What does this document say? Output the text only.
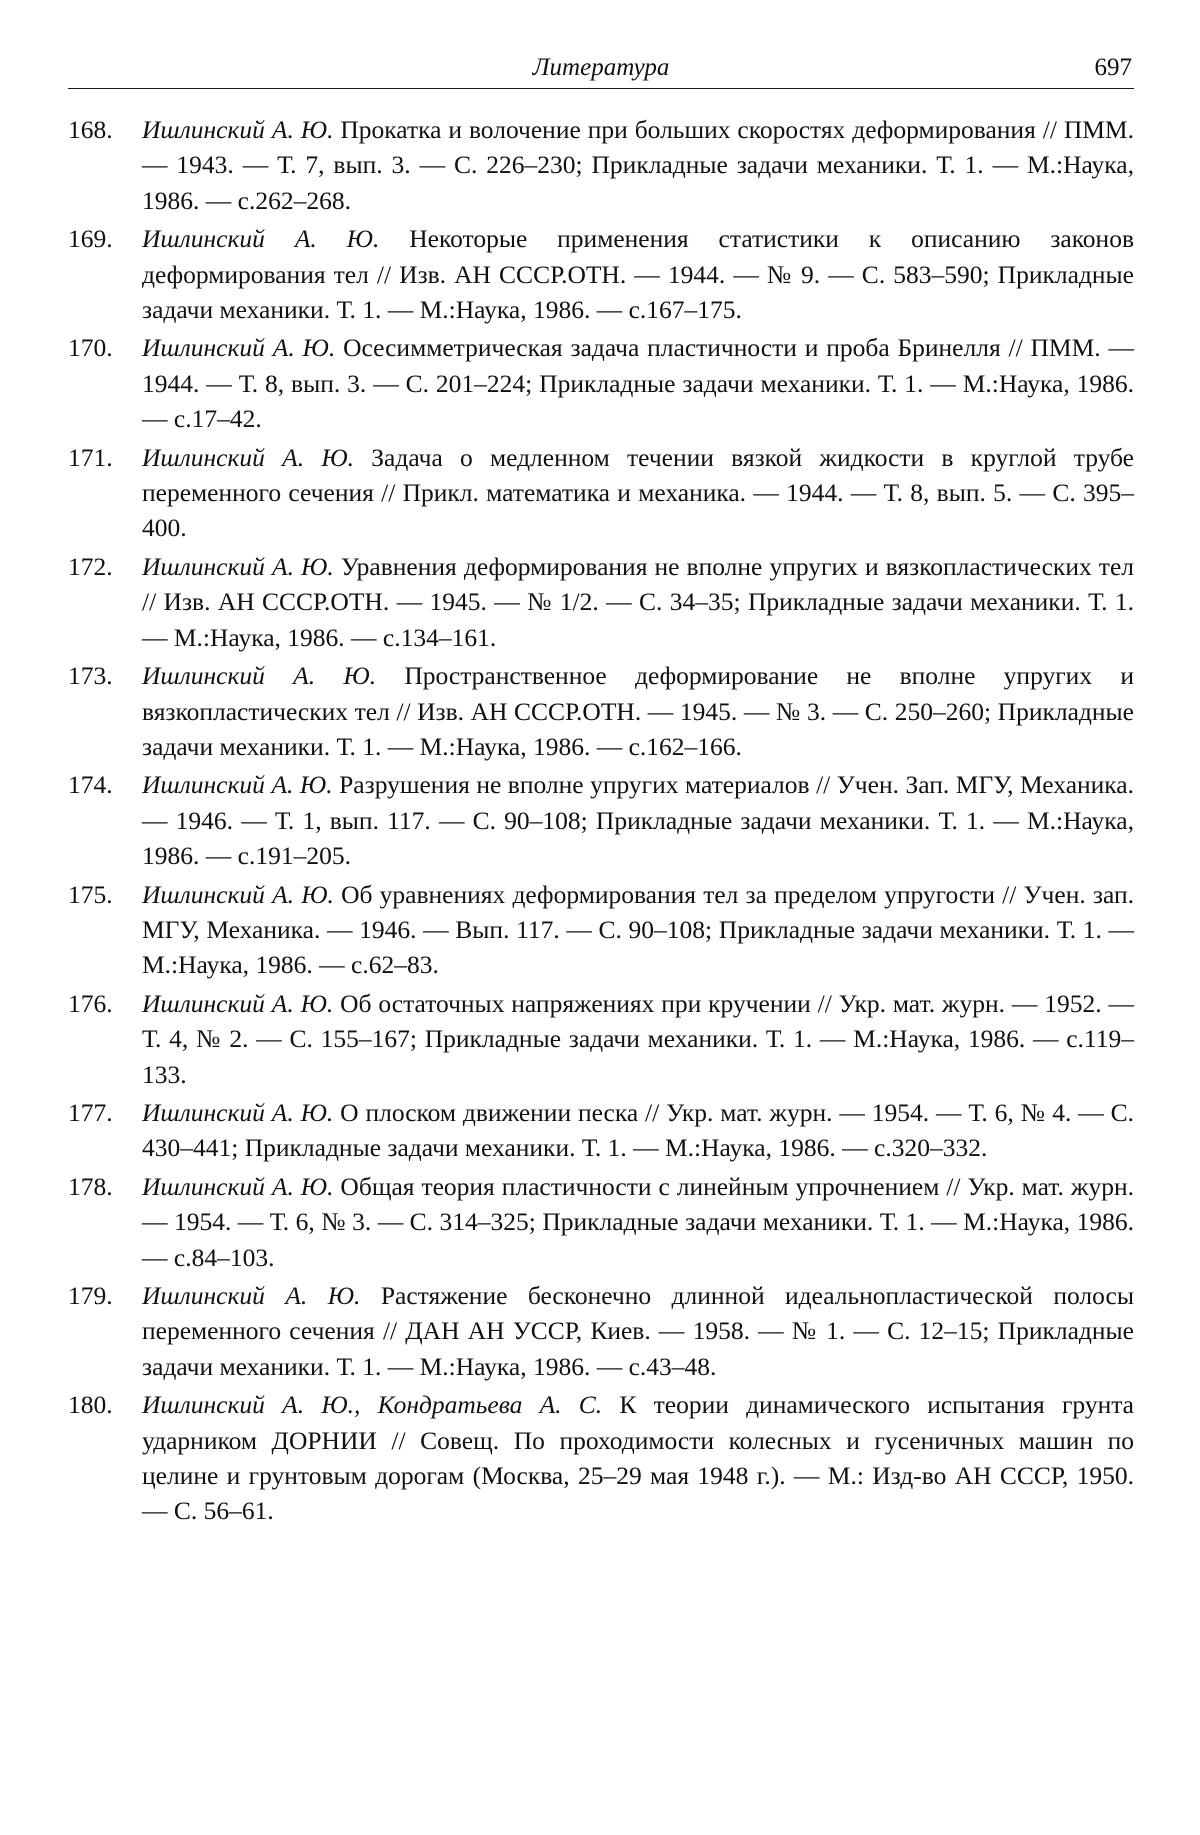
Литература	697
168. Ишлинский А. Ю. Прокатка и волочение при больших скоростях деформирования // ПММ. — 1943. — Т. 7, вып. 3. — С. 226–230; Прикладные задачи механики. Т. 1. — М.:Наука, 1986. — с.262–268.
169. Ишлинский А. Ю. Некоторые применения статистики к описанию законов деформирования тел // Изв. АН СССР.ОТН. — 1944. — № 9. — С. 583–590; Прикладные задачи механики. Т. 1. — М.:Наука, 1986. — с.167–175.
170. Ишлинский А. Ю. Осесимметрическая задача пластичности и проба Бринелля // ПММ. — 1944. — Т. 8, вып. 3. — С. 201–224; Прикладные задачи механики. Т. 1. — М.:Наука, 1986. — с.17–42.
171. Ишлинский А. Ю. Задача о медленном течении вязкой жидкости в круглой трубе переменного сечения // Прикл. математика и механика. — 1944. — Т. 8, вып. 5. — С. 395–400.
172. Ишлинский А. Ю. Уравнения деформирования не вполне упругих и вязкопластических тел // Изв. АН СССР.ОТН. — 1945. — № 1/2. — С. 34–35; Прикладные задачи механики. Т. 1. — М.:Наука, 1986. — с.134–161.
173. Ишлинский А. Ю. Пространственное деформирование не вполне упругих и вязкопластических тел // Изв. АН СССР.ОТН. — 1945. — № 3. — С. 250–260; Прикладные задачи механики. Т. 1. — М.:Наука, 1986. — с.162–166.
174. Ишлинский А. Ю. Разрушения не вполне упругих материалов // Учен. Зап. МГУ, Механика. — 1946. — Т. 1, вып. 117. — С. 90–108; Прикладные задачи механики. Т. 1. — М.:Наука, 1986. — с.191–205.
175. Ишлинский А. Ю. Об уравнениях деформирования тел за пределом упругости // Учен. зап. МГУ, Механика. — 1946. — Вып. 117. — С. 90–108; Прикладные задачи механики. Т. 1. — М.:Наука, 1986. — с.62–83.
176. Ишлинский А. Ю. Об остаточных напряжениях при кручении // Укр. мат. журн. — 1952. — Т. 4, № 2. — С. 155–167; Прикладные задачи механики. Т. 1. — М.:Наука, 1986. — с.119–133.
177. Ишлинский А. Ю. О плоском движении песка // Укр. мат. журн. — 1954. — Т. 6, № 4. — С. 430–441; Прикладные задачи механики. Т. 1. — М.:Наука, 1986. — с.320–332.
178. Ишлинский А. Ю. Общая теория пластичности с линейным упрочнением // Укр. мат. журн. — 1954. — Т. 6, № 3. — С. 314–325; Прикладные задачи механики. Т. 1. — М.:Наука, 1986. — с.84–103.
179. Ишлинский А. Ю. Растяжение бесконечно длинной идеальнопластической полосы переменного сечения // ДАН АН УССР, Киев. — 1958. — № 1. — С. 12–15; Прикладные задачи механики. Т. 1. — М.:Наука, 1986. — с.43–48.
180. Ишлинский А. Ю., Кондратьева А. С. К теории динамического испытания грунта ударником ДОРНИИ // Совещ. По проходимости колесных и гусеничных машин по целине и грунтовым дорогам (Москва, 25–29 мая 1948 г.). — М.: Изд-во АН СССР, 1950. — С. 56–61.
